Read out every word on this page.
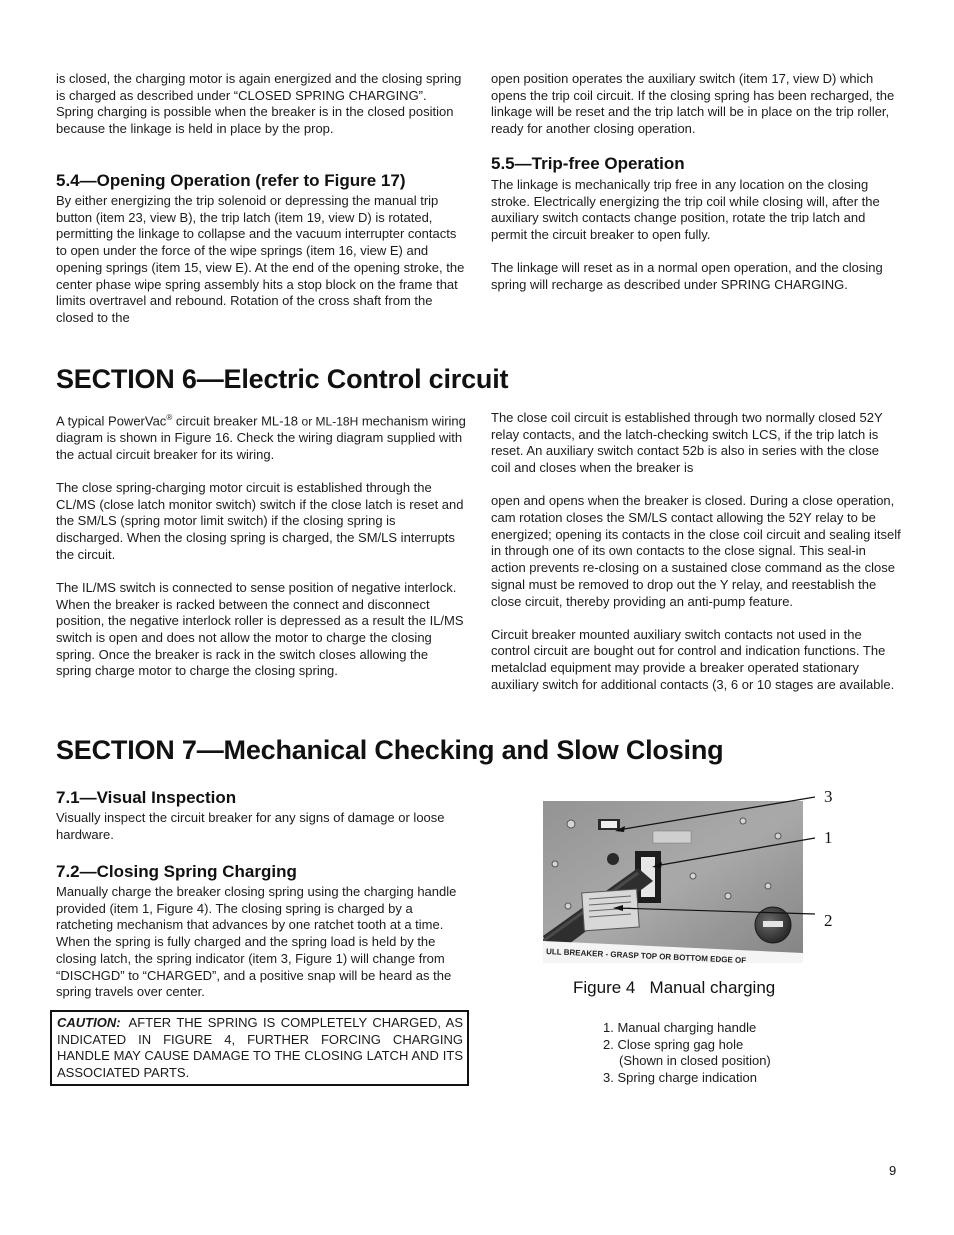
is closed, the charging motor is again energized and the closing spring is charged as described under “CLOSED SPRING CHARGING”. Spring charging is possible when the breaker is in the closed position because the linkage is held in place by the prop.

5.4—Opening Operation (refer to Figure 17)

By either energizing the trip solenoid or depressing the manual trip button (item 23, view B), the trip latch (item 19, view D) is rotated, permitting the linkage to collapse and the vacuum interrupter contacts to open under the force of the wipe springs (item 16, view E) and opening springs (item 15, view E). At the end of the opening stroke, the center phase wipe spring assembly hits a stop block on the frame that limits overtravel and rebound. Rotation of the cross shaft from the closed to the

open position operates the auxiliary switch (item 17, view D) which opens the trip coil circuit. If the closing spring has been recharged, the linkage will be reset and the trip latch will be in place on the trip roller, ready for another closing operation.

5.5—Trip-free Operation

The linkage is mechanically trip free in any location on the closing stroke. Electrically energizing the trip coil while closing will, after the auxiliary switch contacts change position, rotate the trip latch and permit the circuit breaker to open fully.

The linkage will reset as in a normal open operation, and the closing spring will recharge as described under SPRING CHARGING.

SECTION 6—Electric Control circuit

A typical PowerVac® circuit breaker ML-18 or ML-18H mechanism wiring diagram is shown in Figure 16. Check the wiring diagram supplied with the actual circuit breaker for its wiring.

The close spring-charging motor circuit is established through the CL/MS (close latch monitor switch) switch if the close latch is reset and the SM/LS (spring motor limit switch) if the closing spring is discharged. When the closing spring is charged, the SM/LS interrupts the circuit.

The IL/MS switch is connected to sense position of negative interlock. When the breaker is racked between the connect and disconnect position, the negative interlock roller is depressed as a result the IL/MS switch is open and does not allow the motor to charge the closing spring. Once the breaker is rack in the switch closes allowing the spring charge motor to charge the closing spring.

The close coil circuit is established through two normally closed 52Y relay contacts, and the latch-checking switch LCS, if the trip latch is reset. An auxiliary switch contact 52b is also in series with the close coil and closes when the breaker is

open and opens when the breaker is closed. During a close operation, cam rotation closes the SM/LS contact allowing the 52Y relay to be energized; opening its contacts in the close coil circuit and sealing itself in through one of its own contacts to the close signal. This seal-in action prevents re-closing on a sustained close command as the close signal must be removed to drop out the Y relay, and reestablish the close circuit, thereby providing an anti-pump feature.

Circuit breaker mounted auxiliary switch contacts not used in the control circuit are bought out for control and indication functions. The metalclad equipment may provide a breaker operated stationary auxiliary switch for additional contacts (3, 6 or 10 stages are available.

SECTION 7—Mechanical Checking and Slow Closing
7.1—Visual Inspection

Visually inspect the circuit breaker for any signs of damage or loose hardware.

7.2—Closing Spring Charging

Manually charge the breaker closing spring using the charging handle provided (item 1, Figure 4). The closing spring is charged by a ratcheting mechanism that advances by one ratchet tooth at a time. When the spring is fully charged and the spring load is held by the closing latch, the spring indicator (item 3, Figure 1) will change from “DISCHGD” to “CHARGED”, and a positive snap will be heard as the spring travels over center.

CAUTION: AFTER THE SPRING IS COMPLETELY CHARGED, AS INDICATED IN FIGURE 4, FURTHER FORCING CHARGING HANDLE MAY CAUSE DAMAGE TO THE CLOSING LATCH AND ITS ASSOCIATED PARTS.
ULL BREAKER - GRASP TOP OR BOTTOM EDGE OF
3
1
2
Figure 4   Manual charging
1. Manual charging handle
2. Close spring gag hole
(Shown in closed position)
3. Spring charge indication
9
